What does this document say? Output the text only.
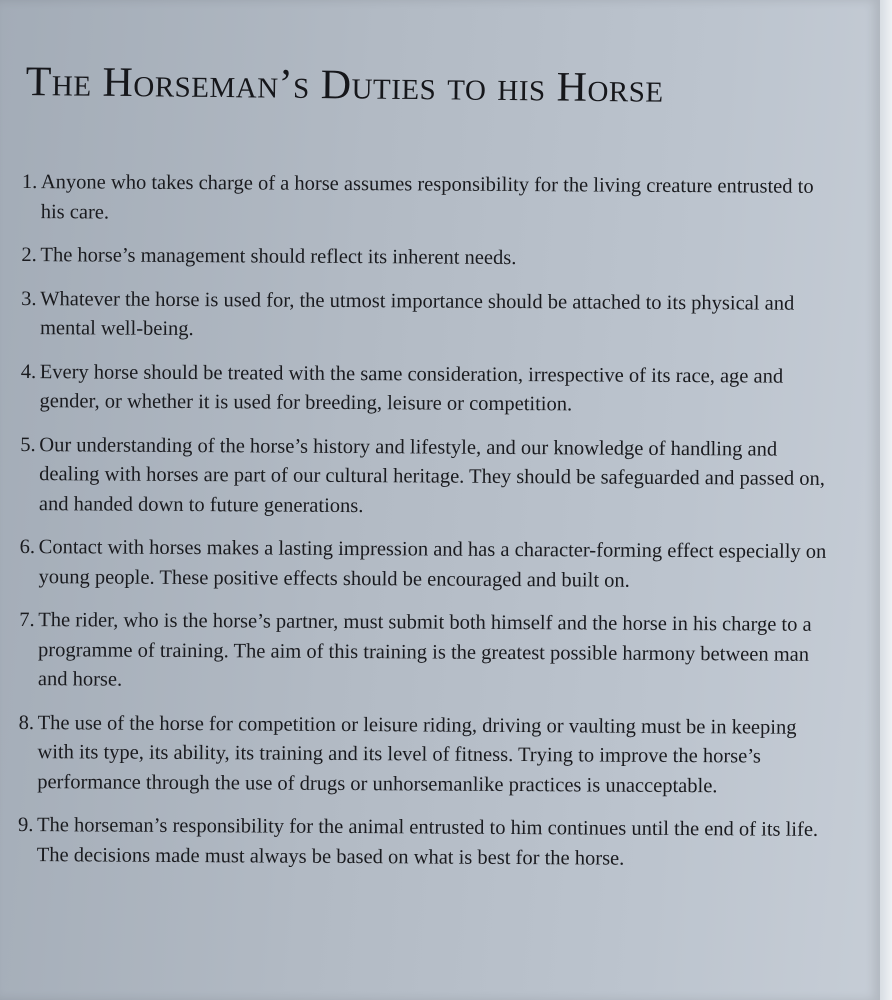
The Horseman’s Duties to his Horse
1. Anyone who takes charge of a horse assumes responsibility for the living creature entrusted to his care.
2. The horse’s management should reflect its inherent needs.
3. Whatever the horse is used for, the utmost importance should be attached to its physical and mental well-being.
4. Every horse should be treated with the same consideration, irrespective of its race, age and gender, or whether it is used for breeding, leisure or competition.
5. Our understanding of the horse’s history and lifestyle, and our knowledge of handling and dealing with horses are part of our cultural heritage. They should be safeguarded and passed on, and handed down to future generations.
6. Contact with horses makes a lasting impression and has a character-forming effect especially on young people. These positive effects should be encouraged and built on.
7. The rider, who is the horse’s partner, must submit both himself and the horse in his charge to a programme of training. The aim of this training is the greatest possible harmony between man and horse.
8. The use of the horse for competition or leisure riding, driving or vaulting must be in keeping with its type, its ability, its training and its level of fitness. Trying to improve the horse’s performance through the use of drugs or unhorsemanlike practices is unacceptable.
9. The horseman’s responsibility for the animal entrusted to him continues until the end of its life. The decisions made must always be based on what is best for the horse.
